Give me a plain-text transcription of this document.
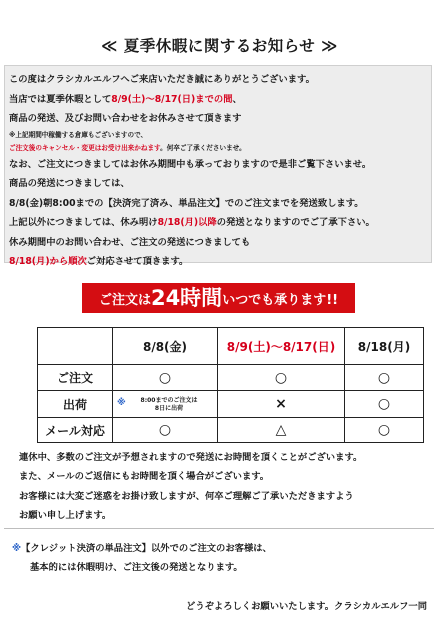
≪ 夏季休暇に関するお知らせ ≫
この度はクラシカルエルフへご来店いただき誠にありがとうございます。
当店では夏季休暇として8/9(土)～8/17(日)までの間、
商品の発送、及びお問い合わせをお休みさせて頂きます
※上記期間中稼働する倉庫もございますので、
ご注文後のキャンセル・変更はお受け出来かねます。何卒ご了承くださいませ。
なお、ご注文につきましてはお休み期間中も承っておりますので是非ご覧下さいませ。
商品の発送につきましては、
8/8(金)朝8:00までの【決済完了済み、単品注文】でのご注文までを発送致します。
上記以外につきましては、休み明け8/18(月)以降の発送となりますのでご了承下さい。
休み期間中のお問い合わせ、ご注文の発送につきましても
8/18(月)から順次ご対応させて頂きます。
ご注文は24時間いつでも承ります!!
	8/8(金)	8/9(土)～8/17(日)	8/18(月)
ご注文	○	○	○
出荷	※ 8:00までのご注文は
8日に出荷	×	○
メール対応	○	△	○
連休中、多数のご注文が予想されますので発送にお時間を頂くことがございます。
また、メールのご返信にもお時間を頂く場合がございます。
お客様には大変ご迷惑をお掛け致しますが、何卒ご理解ご了承いただきますよう
お願い申し上げます。
※【クレジット決済の単品注文】以外でのご注文のお客様は、
基本的には休暇明け、ご注文後の発送となります。
どうぞよろしくお願いいたします。クラシカルエルフ一同
